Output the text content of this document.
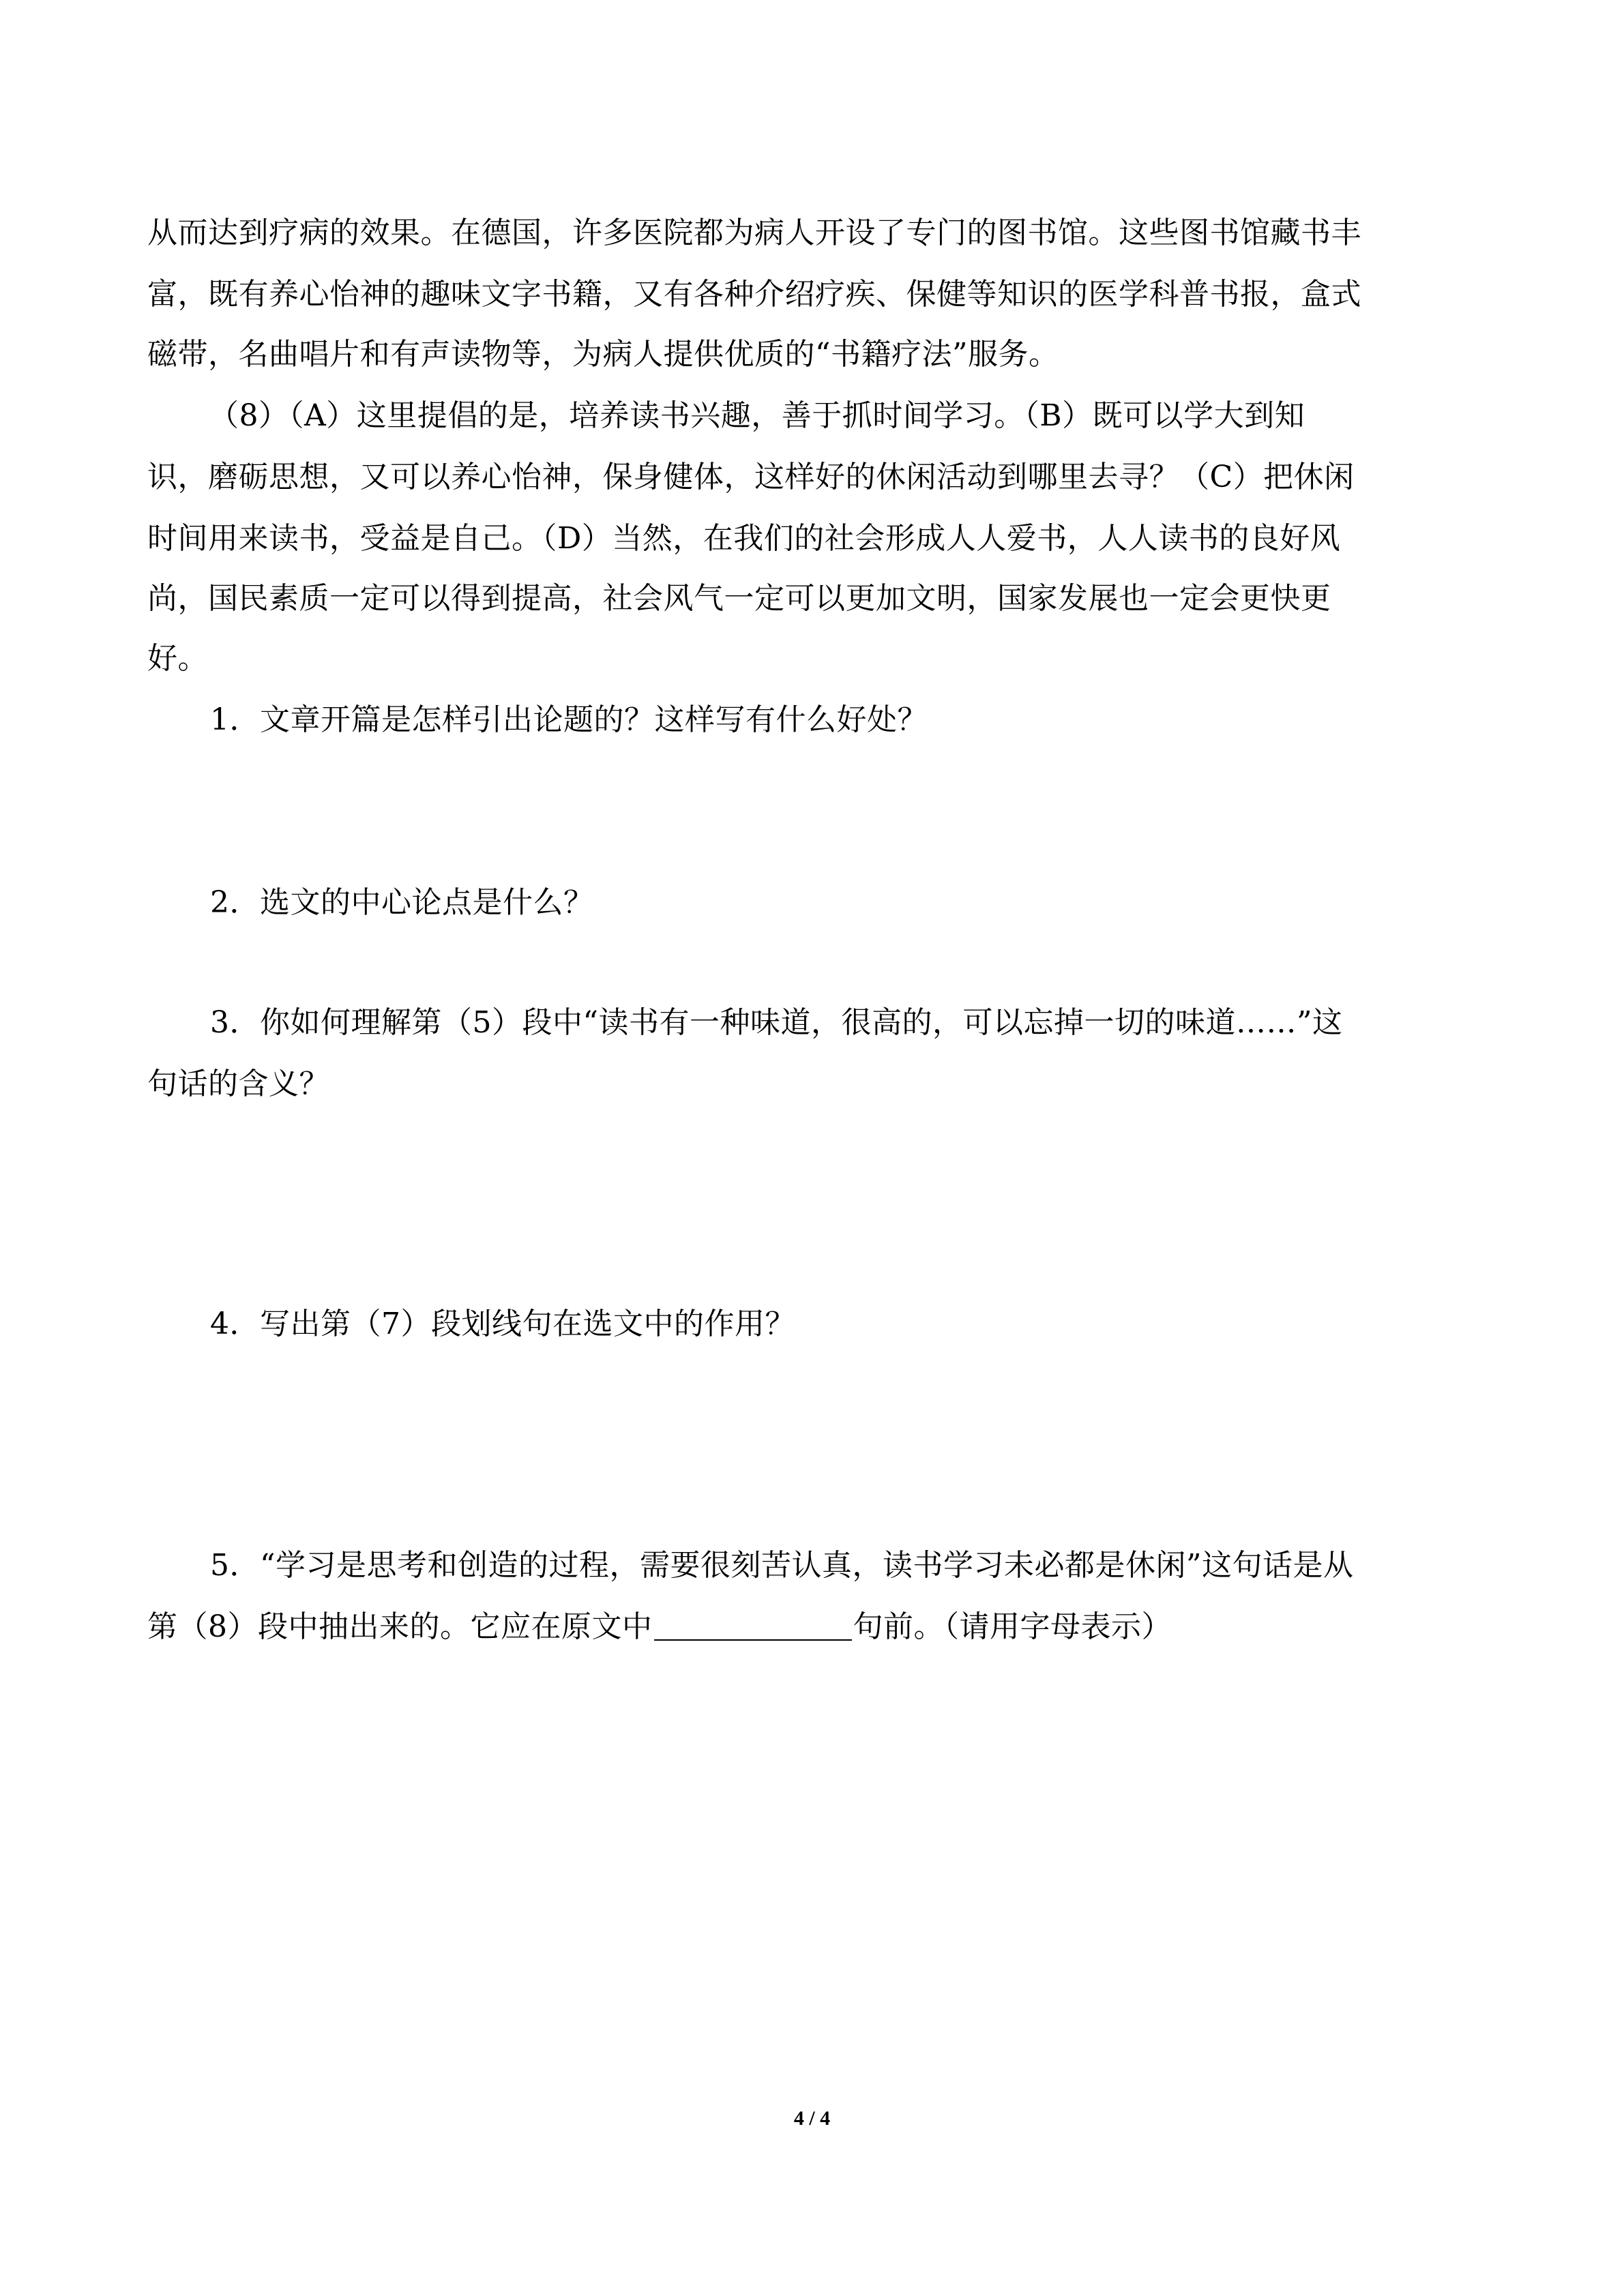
从而达到疗病的效果。在德国，许多医院都为病人开设了专门的图书馆。这些图书馆藏书丰
富，既有养心怡神的趣味文字书籍，又有各种介绍疗疾、保健等知识的医学科普书报，盒式
磁带，名曲唱片和有声读物等，为病人提供优质的“书籍疗法”服务。
（8）（A）这里提倡的是，培养读书兴趣，善于抓时间学习。（B）既可以学大到知
识，磨砺思想，又可以养心怡神，保身健体，这样好的休闲活动到哪里去寻？（C）把休闲
时间用来读书，受益是自己。（D）当然，在我们的社会形成人人爱书，人人读书的良好风
尚，国民素质一定可以得到提高，社会风气一定可以更加文明，国家发展也一定会更快更
好。
1．文章开篇是怎样引出论题的？这样写有什么好处？
2．选文的中心论点是什么？
3．你如何理解第（5）段中“读书有一种味道，很高的，可以忘掉一切的味道……”这
句话的含义？
4．写出第（7）段划线句在选文中的作用？
5．“学习是思考和创造的过程，需要很刻苦认真，读书学习未必都是休闲”这句话是从
第（8）段中抽出来的。它应在原文中	句前。（请用字母表示）
4 / 4
